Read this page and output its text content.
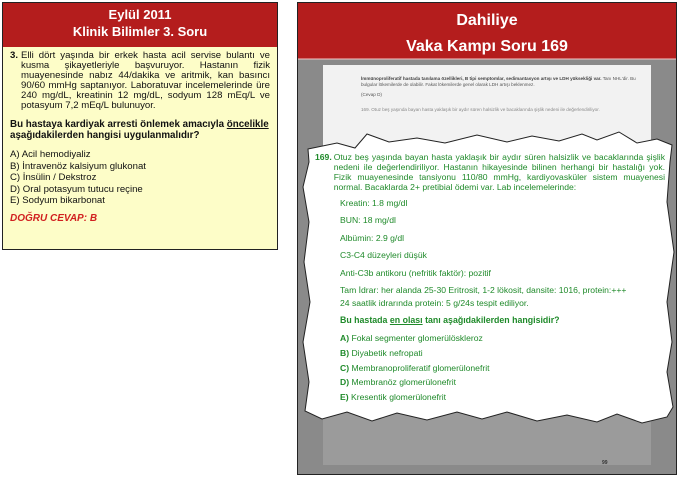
Eylül 2011
Klinik Bilimler 3. Soru
3. Elli dört yaşında bir erkek hasta acil servise bulantı ve kusma şikayetleriyle başvuruyor. Hastanın fizik muayenesinde nabız 44/dakika ve aritmik, kan basıncı 90/60 mmHg saptanıyor. Laboratuvar incelemelerinde üre 240 mg/dL, kreatinin 12 mg/dL, sodyum 128 mEq/L ve potasyum 7,2 mEq/L bulunuyor.
Bu hastaya kardiyak arresti önlemek amacıyla öncelikle aşağıdakilerden hangisi uygulanmalıdır?
A) Acil hemodiyaliz
B) İntravenöz kalsiyum glukonat
C) İnsülin / Dekstroz
D) Oral potasyum tutucu reçine
E) Sodyum bikarbonat
DOĞRU CEVAP: B
Dahiliye
Vaka Kampı Soru 169
İmmünoproliferatif hastada tanılama özellikleri, B tipi semptomlar, sedimantasyon artışı ve LDH yüksekliği var. Tanı NHL'dir. Bu bulgular lökemilerde de olabilir. Fakat lökemilerde genel olarak LDH artışı beklenmez.
(Cevap D)
169. Otuz beş yaşında bayan hasta yaklaşık bir aydır süren halsizlik ve bacaklarında şişlik nedeni ile değerlendiriliyor.
169. Otuz beş yaşında bayan hasta yaklaşık bir aydır süren halsizlik ve bacaklarında şişlik nedeni ile değerlendiriliyor. Hastanın hikayesinde bilinen herhangi bir hastalığı yok. Fizik muayenesinde tansiyonu 110/80 mmHg, kardiyovasküler sistem muayenesi normal. Bacaklarda 2+ pretibial ödemi var. Lab incelemelerinde:
Kreatin: 1.8 mg/dl
BUN: 18 mg/dl
Albümin: 2.9 g/dl
C3-C4 düzeyleri düşük
Anti-C3b antikoru (nefritik faktör): pozitif
Tam İdrar: her alanda 25-30 Eritrosit, 1-2 lökosit, dansite: 1016, protein:+++
24 saatlik idrarında protein: 5 g/24s tespit ediliyor.
Bu hastada en olası tanı aşağıdakilerden hangisidir?
A) Fokal segmenter glomerülöskleroz
B) Diyabetik nefropati
C) Membranoproliferatif glomerülonefrit
D) Membranöz glomerülonefrit
E) Kresentik glomerülonefrit
99
